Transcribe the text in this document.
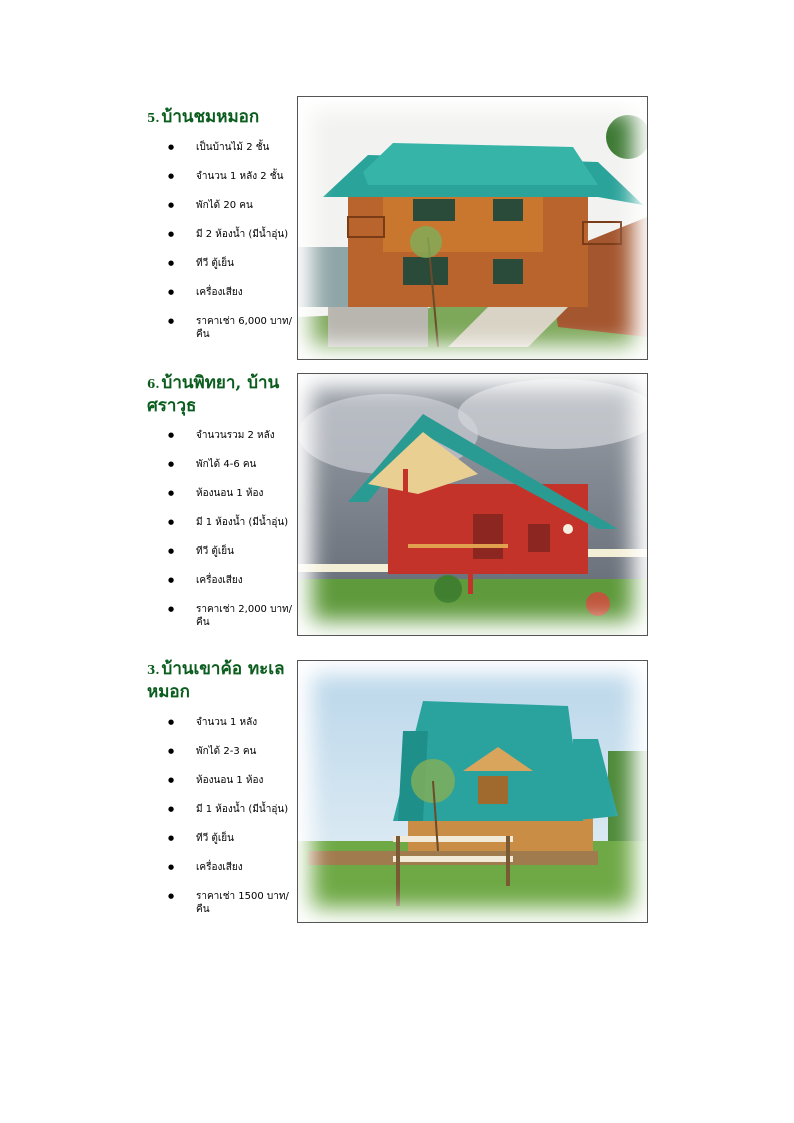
5. บ้านชมหมอก
● เป็นบ้านไม้ 2 ชั้น
● จำนวน 1 หลัง 2 ชั้น
● พักได้ 20 คน
● มี 2 ห้องน้ำ (มีน้ำอุ่น)
● ทีวี ตู้เย็น
● เครื่องเสียง
● ราคาเช่า 6,000 บาท/คืน
6. บ้านพิทยา, บ้านศราวุธ
● จำนวนรวม 2 หลัง
● พักได้ 4-6 คน
● ห้องนอน 1 ห้อง
● มี 1 ห้องน้ำ (มีน้ำอุ่น)
● ทีวี ตู้เย็น
● เครื่องเสียง
● ราคาเช่า 2,000 บาท/คืน
3. บ้านเขาค้อ ทะเลหมอก
● จำนวน 1 หลัง
● พักได้ 2-3 คน
● ห้องนอน 1 ห้อง
● มี 1 ห้องน้ำ (มีน้ำอุ่น)
● ทีวี ตู้เย็น
● เครื่องเสียง
● ราคาเช่า 1500 บาท/คืน
